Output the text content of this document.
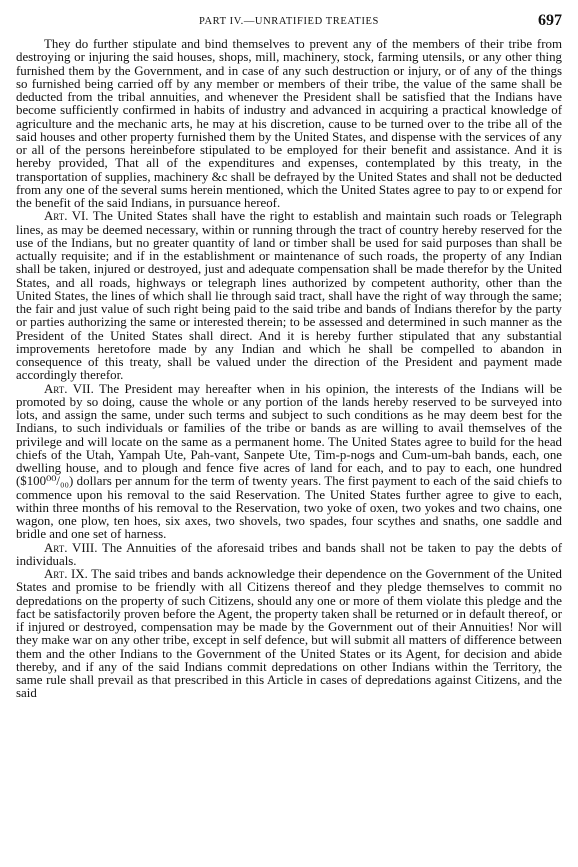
PART IV.—UNRATIFIED TREATIES	697

They do further stipulate and bind themselves to prevent any of the members of their tribe from destroying or injuring the said houses, shops, mill, machinery, stock, farming utensils, or any other thing furnished them by the Government, and in case of any such destruction or injury, or of any of the things so furnished being carried off by any member or members of their tribe, the value of the same shall be deducted from the tribal annuities, and whenever the President shall be satisfied that the Indians have become sufficiently confirmed in habits of industry and advanced in acquiring a practical knowledge of agriculture and the mechanic arts, he may at his discretion, cause to be turned over to the tribe all of the said houses and other property furnished them by the United States, and dispense with the services of any or all of the persons hereinbefore stipulated to be employed for their benefit and assistance. And it is hereby provided, That all of the expenditures and expenses, contemplated by this treaty, in the transportation of supplies, machinery &c shall be defrayed by the United States and shall not be deducted from any one of the several sums herein mentioned, which the United States agree to pay to or expend for the benefit of the said Indians, in pursuance hereof.

Art. VI. The United States shall have the right to establish and maintain such roads or Telegraph lines, as may be deemed necessary, within or running through the tract of country hereby reserved for the use of the Indians, but no greater quantity of land or timber shall be used for said purposes than shall be actually requisite; and if in the establishment or maintenance of such roads, the property of any Indian shall be taken, injured or destroyed, just and adequate compensation shall be made therefor by the United States, and all roads, highways or telegraph lines authorized by competent authority, other than the United States, the lines of which shall lie through said tract, shall have the right of way through the same; the fair and just value of such right being paid to the said tribe and bands of Indians therefor by the party or parties authorizing the same or interested therein; to be assessed and determined in such manner as the President of the United States shall direct. And it is hereby further stipulated that any substantial improvements heretofore made by any Indian and which he shall be compelled to abandon in consequence of this treaty, shall be valued under the direction of the President and payment made accordingly therefor.

Art. VII. The President may hereafter when in his opinion, the interests of the Indians will be promoted by so doing, cause the whole or any portion of the lands hereby reserved to be surveyed into lots, and assign the same, under such terms and subject to such conditions as he may deem best for the Indians, to such individuals or families of the tribe or bands as are willing to avail themselves of the privilege and will locate on the same as a permanent home. The United States agree to build for the head chiefs of the Utah, Yampah Ute, Pah-vant, Sanpete Ute, Tim-p-nogs and Cum-um-bah bands, each, one dwelling house, and to plough and fence five acres of land for each, and to pay to each, one hundred ($100⁰⁰/₀₀) dollars per annum for the term of twenty years. The first payment to each of the said chiefs to commence upon his removal to the said Reservation. The United States further agree to give to each, within three months of his removal to the Reservation, two yoke of oxen, two yokes and two chains, one wagon, one plow, ten hoes, six axes, two shovels, two spades, four scythes and snaths, one saddle and bridle and one set of harness.

Art. VIII. The Annuities of the aforesaid tribes and bands shall not be taken to pay the debts of individuals.

Art. IX. The said tribes and bands acknowledge their dependence on the Government of the United States and promise to be friendly with all Citizens thereof and they pledge themselves to commit no depredations on the property of such Citizens, should any one or more of them violate this pledge and the fact be satisfactorily proven before the Agent, the property taken shall be returned or in default thereof, or if injured or destroyed, compensation may be made by the Government out of their Annuities! Nor will they make war on any other tribe, except in self defence, but will submit all matters of difference between them and the other Indians to the Government of the United States or its Agent, for decision and abide thereby, and if any of the said Indians commit depredations on other Indians within the Territory, the same rule shall prevail as that prescribed in this Article in cases of depredations against Citizens, and the said
